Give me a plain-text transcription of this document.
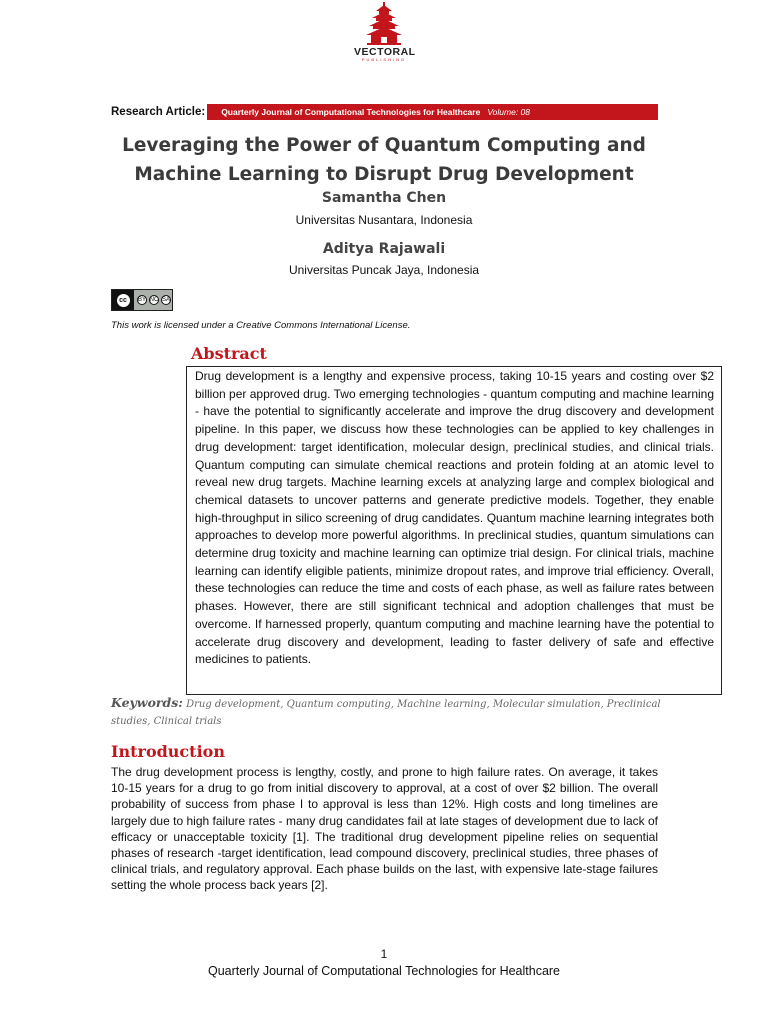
VECTORAL
PUBLISHING
Research Article: Quarterly Journal of Computational Technologies for Healthcare Volume: 08
Leveraging the Power of Quantum Computing and
Machine Learning to Disrupt Drug Development
Samantha Chen
Universitas Nusantara, Indonesia
Aditya Rajawali
Universitas Puncak Jaya, Indonesia
cc	BY NC SA
This work is licensed under a Creative Commons International License.
Abstract

Drug development is a lengthy and expensive process, taking 10-15 years and costing over $2 billion per approved drug. Two emerging technologies - quantum computing and machine learning - have the potential to significantly accelerate and improve the drug discovery and development pipeline. In this paper, we discuss how these technologies can be applied to key challenges in drug development: target identification, molecular design, preclinical studies, and clinical trials. Quantum computing can simulate chemical reactions and protein folding at an atomic level to reveal new drug targets. Machine learning excels at analyzing large and complex biological and chemical datasets to uncover patterns and generate predictive models. Together, they enable high-throughput in silico screening of drug candidates. Quantum machine learning integrates both approaches to develop more powerful algorithms. In preclinical studies, quantum simulations can determine drug toxicity and machine learning can optimize trial design. For clinical trials, machine learning can identify eligible patients, minimize dropout rates, and improve trial efficiency. Overall, these technologies can reduce the time and costs of each phase, as well as failure rates between phases. However, there are still significant technical and adoption challenges that must be overcome. If harnessed properly, quantum computing and machine learning have the potential to accelerate drug discovery and development, leading to faster delivery of safe and effective medicines to patients.

Keywords: Drug development, Quantum computing, Machine learning, Molecular simulation, Preclinical studies, Clinical trials
Introduction

The drug development process is lengthy, costly, and prone to high failure rates. On average, it takes 10-15 years for a drug to go from initial discovery to approval, at a cost of over $2 billion. The overall probability of success from phase I to approval is less than 12%. High costs and long timelines are largely due to high failure rates - many drug candidates fail at late stages of development due to lack of efficacy or unacceptable toxicity [1]. The traditional drug development pipeline relies on sequential phases of research -target identification, lead compound discovery, preclinical studies, three phases of clinical trials, and regulatory approval. Each phase builds on the last, with expensive late-stage failures setting the whole process back years [2].

1
Quarterly Journal of Computational Technologies for Healthcare
